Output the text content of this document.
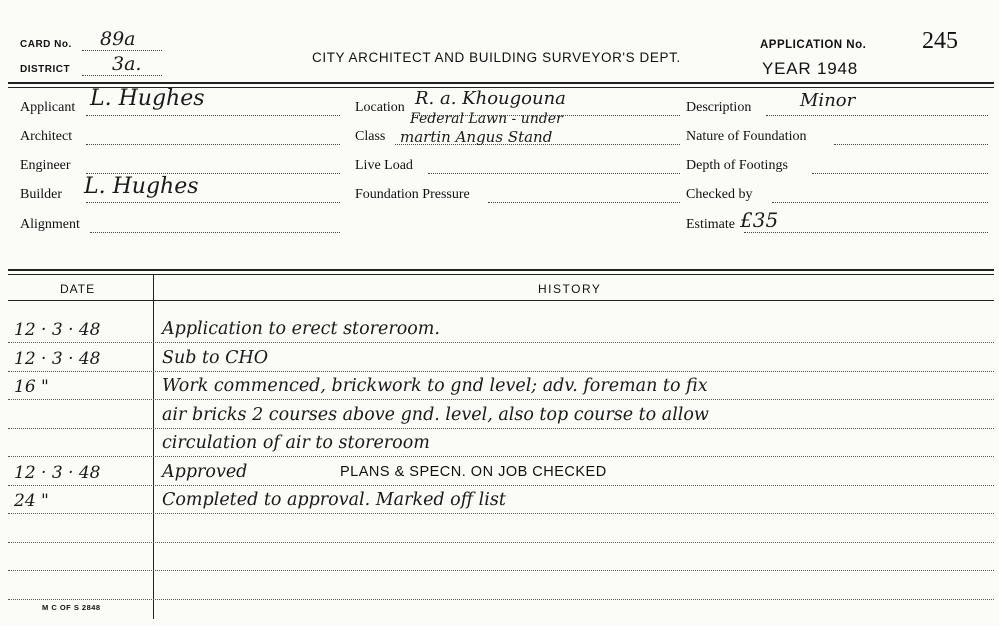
CARD No. 89a
DISTRICT 3a.	CITY ARCHITECT AND BUILDING SURVEYOR'S DEPT.
APPLICATION No. 245
YEAR 1948
Applicant L. Hughes
Architect
Engineer
Builder L. Hughes
Alignment
Location R. a. Khougouna
Federal Lawn - under
Class martin Angus Stand
Live Load
Foundation Pressure
Description	Minor
Nature of Foundation
Depth of Footings
Checked by
Estimate £35
DATE	HISTORY
12 · 3 · 48	Application to erect storeroom.
12 · 3 · 48	Sub to CHO
16 "	Work commenced, brickwork to gnd level; adv. foreman to fix
air bricks 2 courses above gnd. level, also top course to allow
circulation of air to storeroom
12 · 3 · 48	Approved	PLANS & SPECN. ON JOB CHECKED
24 "	Completed to approval. Marked off list
M C OF S 2848
